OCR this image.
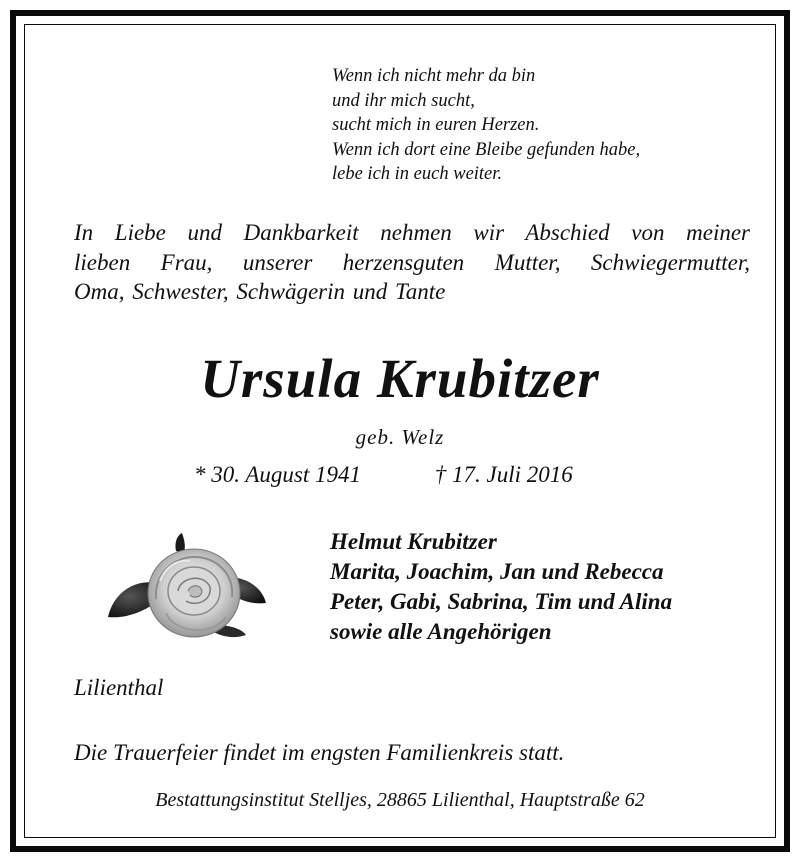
Wenn ich nicht mehr da bin
und ihr mich sucht,
sucht mich in euren Herzen.
Wenn ich dort eine Bleibe gefunden habe,
lebe ich in euch weiter.
In Liebe und Dankbarkeit nehmen wir Abschied von meiner
lieben Frau, unserer herzensguten Mutter, Schwiegermutter,
Oma, Schwester, Schwägerin und Tante
Ursula Krubitzer
geb. Welz
* 30. August 1941	† 17. Juli 2016
Helmut Krubitzer
Marita, Joachim, Jan und Rebecca
Peter, Gabi, Sabrina, Tim und Alina
sowie alle Angehörigen
Lilienthal
Die Trauerfeier findet im engsten Familienkreis statt.
Bestattungsinstitut Stelljes, 28865 Lilienthal, Hauptstraße 62
